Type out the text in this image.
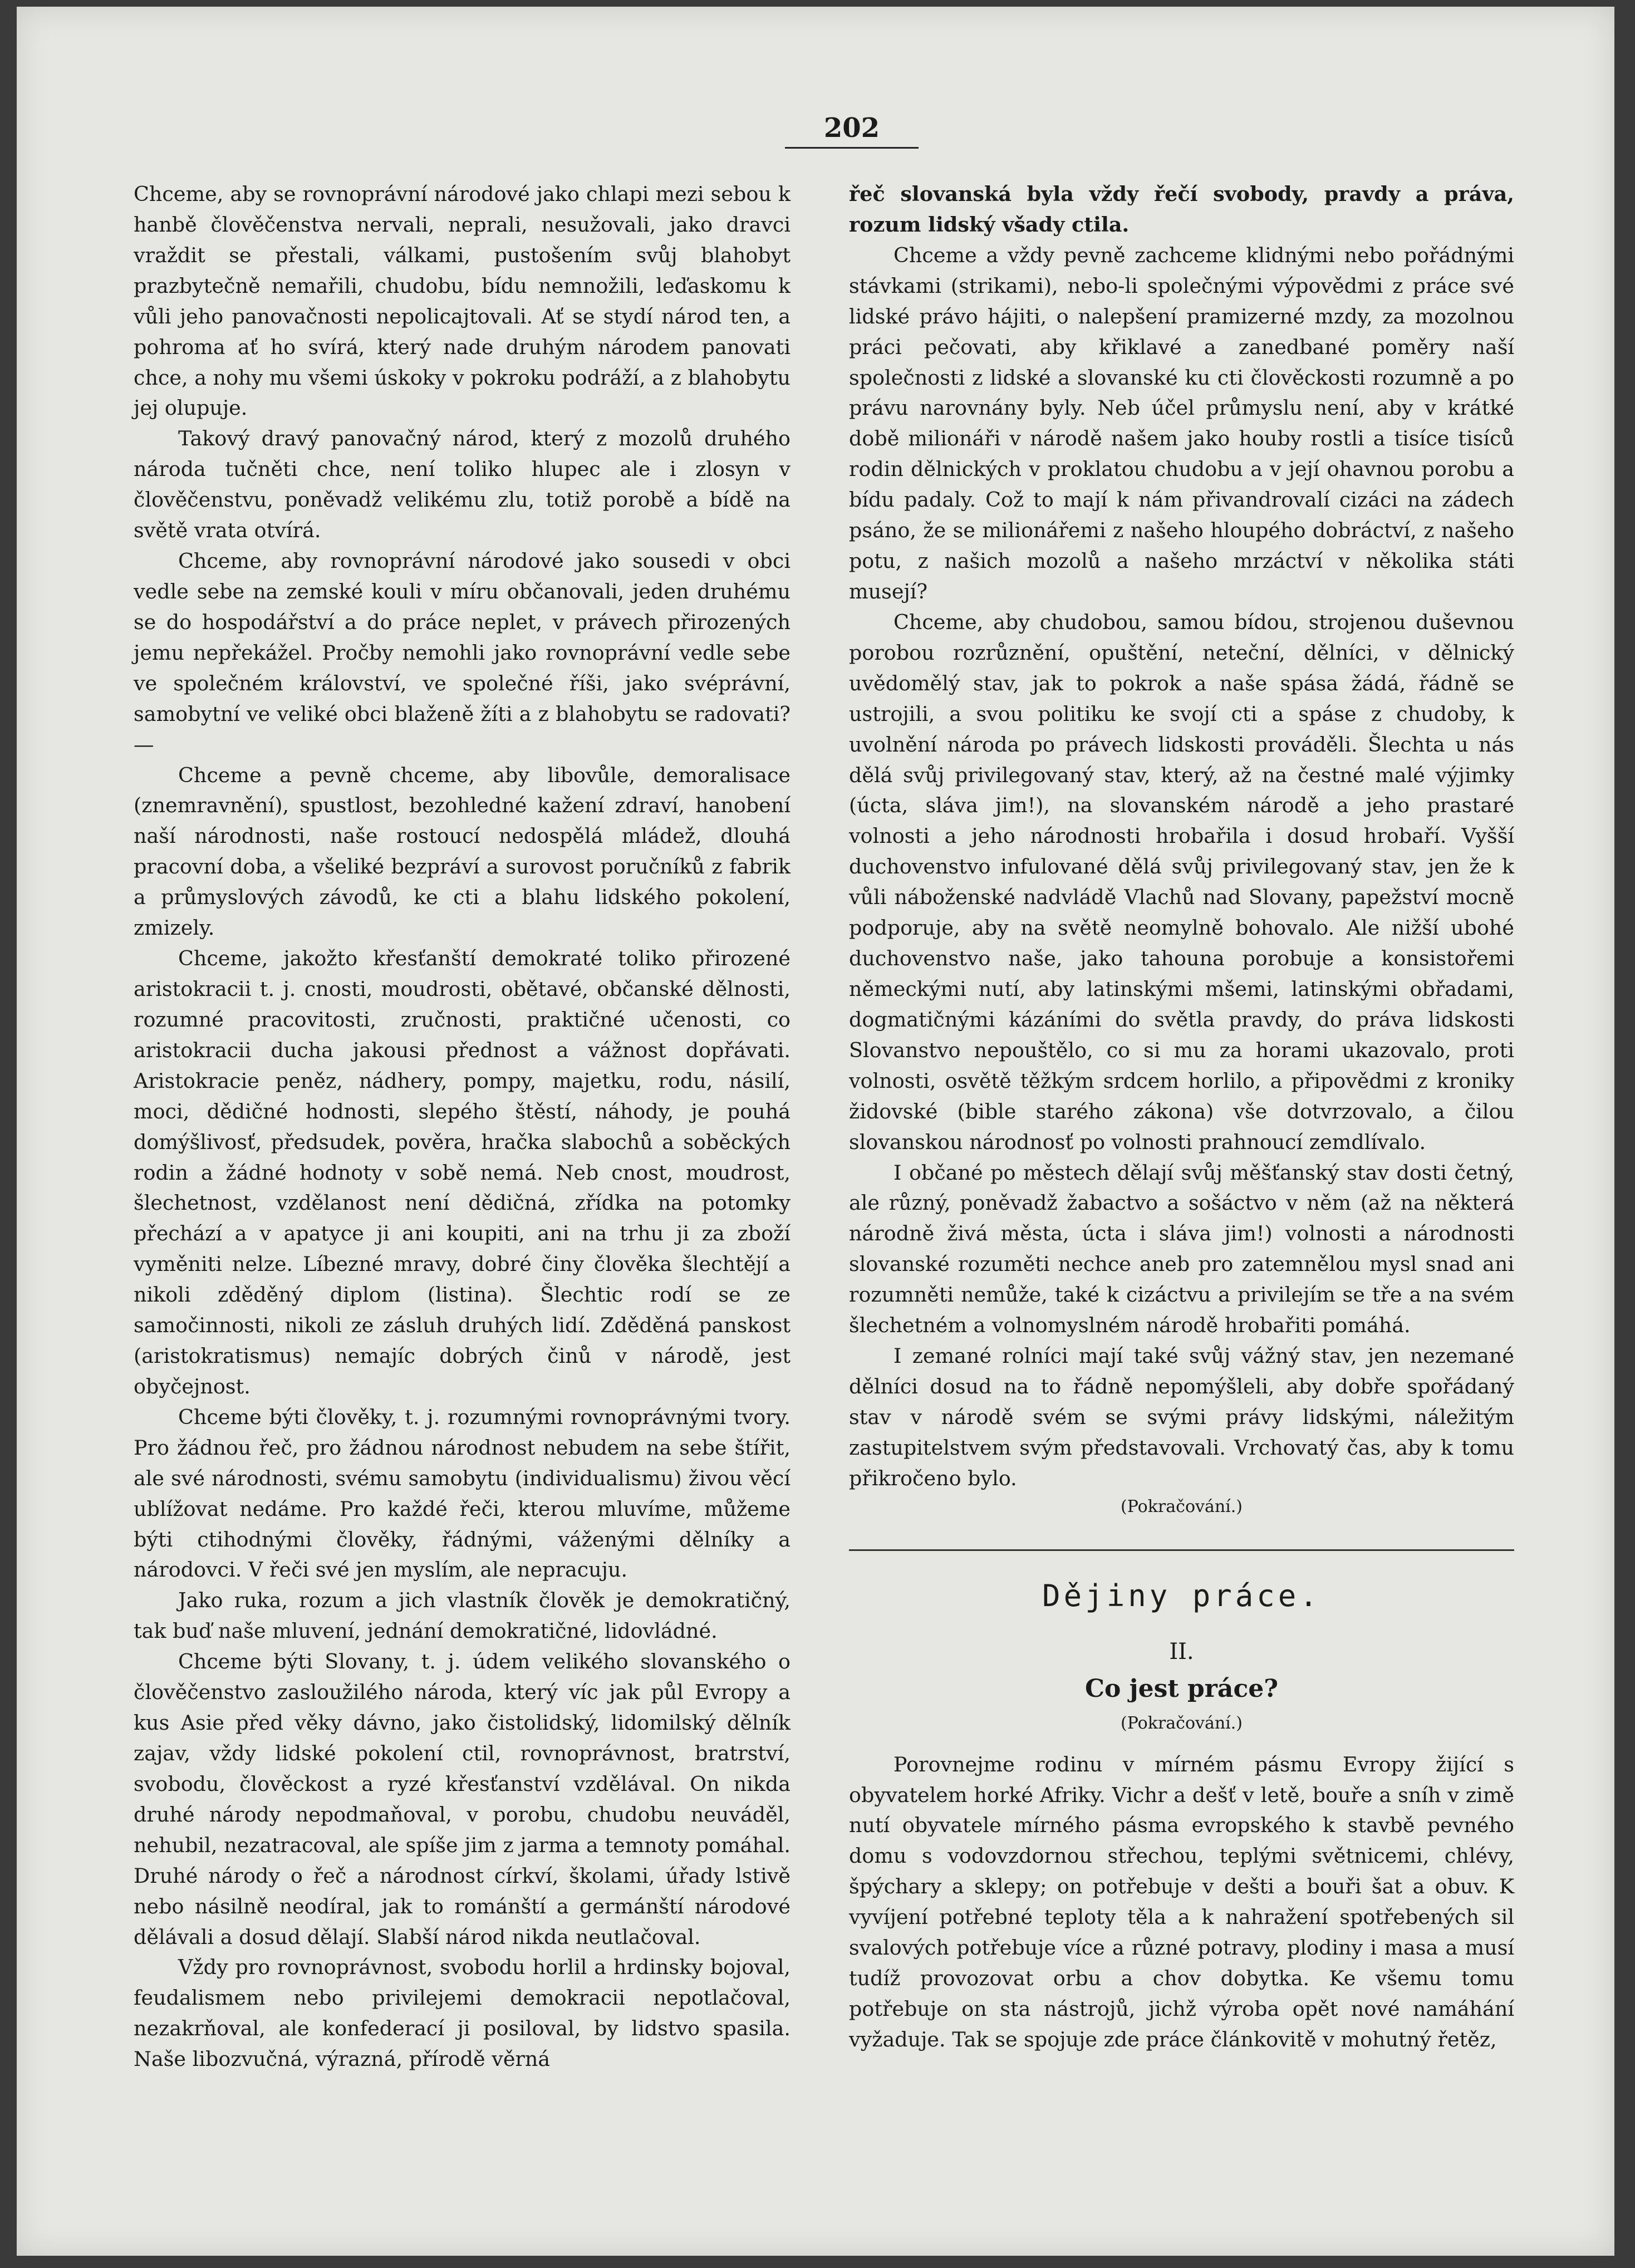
202

Chceme, aby se rovnoprávní národové jako chlapi mezi sebou k hanbě člověčenstva nervali, neprali, nesužovali, jako dravci vraždit se přestali, válkami, pustošením svůj blahobyt prazbytečně nemařili, chudobu, bídu nemnožili, leďaskomu k vůli jeho panovačnosti nepolicajtovali. Ať se stydí národ ten, a pohroma ať ho svírá, který nade druhým národem panovati chce, a nohy mu všemi úskoky v pokroku podráží, a z blahobytu jej olupuje.

Takový dravý panovačný národ, který z mozolů druhého národa tučněti chce, není toliko hlupec ale i zlosyn v člověčenstvu, poněvadž velikému zlu, totiž porobě a bídě na světě vrata otvírá.

Chceme, aby rovnoprávní národové jako sousedi v obci vedle sebe na zemské kouli v míru občanovali, jeden druhému se do hospodářství a do práce neplet, v právech přirozených jemu nepřekážel. Pročby nemohli jako rovnoprávní vedle sebe ve společném království, ve společné říši, jako svéprávní, samobytní ve veliké obci blaženě žíti a z blahobytu se radovati? —

Chceme a pevně chceme, aby libovůle, demoralisace (znemravnění), spustlost, bezohledné kažení zdraví, hanobení naší národnosti, naše rostoucí nedospělá mládež, dlouhá pracovní doba, a všeliké bezpráví a surovost poručníků z fabrik a průmyslových závodů, ke cti a blahu lidského pokolení, zmizely.

Chceme, jakožto křesťanští demokraté toliko přirozené aristokracii t. j. cnosti, moudrosti, obětavé, občanské dělnosti, rozumné pracovitosti, zručnosti, praktičné učenosti, co aristokracii ducha jakousi přednost a vážnost dopřávati. Aristokracie peněz, nádhery, pompy, majetku, rodu, násilí, moci, dědičné hodnosti, slepého štěstí, náhody, je pouhá domýšlivosť, předsudek, pověra, hračka slabochů a soběckých rodin a žádné hodnoty v sobě nemá. Neb cnost, moudrost, šlechetnost, vzdělanost není dědičná, zřídka na potomky přechází a v apatyce ji ani koupiti, ani na trhu ji za zboží vyměniti nelze. Líbezné mravy, dobré činy člověka šlechtějí a nikoli zděděný diplom (listina). Šlechtic rodí se ze samočinnosti, nikoli ze zásluh druhých lidí. Zděděná panskost (aristokratismus) nemajíc dobrých činů v národě, jest obyčejnost.

Chceme býti člověky, t. j. rozumnými rovnoprávnými tvory. Pro žádnou řeč, pro žádnou národnost nebudem na sebe štířit, ale své národnosti, svému samobytu (individualismu) živou věcí ublížovat nedáme. Pro každé řeči, kterou mluvíme, můžeme býti ctihodnými člověky, řádnými, váženými dělníky a národovci. V řeči své jen myslím, ale nepracuju.

Jako ruka, rozum a jich vlastník člověk je demokratičný, tak buď naše mluvení, jednání demokratičné, lidovládné.

Chceme býti Slovany, t. j. údem velikého slovanského o člověčenstvo zasloužilého národa, který víc jak půl Evropy a kus Asie před věky dávno, jako čistolidský, lidomilský dělník zajav, vždy lidské pokolení ctil, rovnoprávnost, bratrství, svobodu, člověckost a ryzé křesťanství vzdělával. On nikda druhé národy nepodmaňoval, v porobu, chudobu neuváděl, nehubil, nezatracoval, ale spíše jim z jarma a temnoty pomáhal. Druhé národy o řeč a národnost církví, školami, úřady lstivě nebo násilně neodíral, jak to románští a germánští národové dělávali a dosud dělají. Slabší národ nikda neutlačoval.

Vždy pro rovnoprávnost, svobodu horlil a hrdinsky bojoval, feudalismem nebo privilejemi demokracii nepotlačoval, nezakrňoval, ale konfederací ji posiloval, by lidstvo spasila. Naše libozvučná, výrazná, přírodě věrná

řeč slovanská byla vždy řečí svobody, pravdy a práva, rozum lidský všady ctila.

Chceme a vždy pevně zachceme klidnými nebo pořádnými stávkami (strikami), nebo-li společnými výpovědmi z práce své lidské právo hájiti, o nalepšení pramizerné mzdy, za mozolnou práci pečovati, aby křiklavé a zanedbané poměry naší společnosti z lidské a slovanské ku cti člověckosti rozumně a po právu narovnány byly. Neb účel průmyslu není, aby v krátké době milionáři v národě našem jako houby rostli a tisíce tisíců rodin dělnických v proklatou chudobu a v její ohavnou porobu a bídu padaly. Což to mají k nám přivandrovalí cizáci na zádech psáno, že se milionářemi z našeho hloupého dobráctví, z našeho potu, z našich mozolů a našeho mrzáctví v několika státi musejí?

Chceme, aby chudobou, samou bídou, strojenou duševnou porobou rozrůznění, opuštění, neteční, dělníci, v dělnický uvědomělý stav, jak to pokrok a naše spása žádá, řádně se ustrojili, a svou politiku ke svojí cti a spáse z chudoby, k uvolnění národa po právech lidskosti prováděli. Šlechta u nás dělá svůj privilegovaný stav, který, až na čestné malé výjimky (úcta, sláva jim!), na slovanském národě a jeho prastaré volnosti a jeho národnosti hrobařila i dosud hrobaří. Vyšší duchovenstvo infulované dělá svůj privilegovaný stav, jen že k vůli náboženské nadvládě Vlachů nad Slovany, papežství mocně podporuje, aby na světě neomylně bohovalo. Ale nižší ubohé duchovenstvo naše, jako tahouna porobuje a konsistořemi německými nutí, aby latinskými mšemi, latinskými obřadami, dogmatičnými kázáními do světla pravdy, do práva lidskosti Slovanstvo nepouštělo, co si mu za horami ukazovalo, proti volnosti, osvětě těžkým srdcem horlilo, a připovědmi z kroniky židovské (bible starého zákona) vše dotvrzovalo, a čilou slovanskou národnosť po volnosti prahnoucí zemdlívalo.

I občané po městech dělají svůj měšťanský stav dosti četný, ale různý, poněvadž žabactvo a sošáctvo v něm (až na některá národně živá města, úcta i sláva jim!) volnosti a národnosti slovanské rozuměti nechce aneb pro zatemnělou mysl snad ani rozumněti nemůže, také k cizáctvu a privilejím se tře a na svém šlechetném a volnomyslném národě hrobařiti pomáhá.

I zemané rolníci mají také svůj vážný stav, jen nezemané dělníci dosud na to řádně nepomýšleli, aby dobře spořádaný stav v národě svém se svými právy lidskými, náležitým zastupitelstvem svým představovali. Vrchovatý čas, aby k tomu přikročeno bylo.

(Pokračování.)

Dějiny práce.
II.
Co jest práce?
(Pokračování.)

Porovnejme rodinu v mírném pásmu Evropy žijící s obyvatelem horké Afriky. Vichr a dešť v letě, bouře a sníh v zimě nutí obyvatele mírného pásma evropského k stavbě pevného domu s vodovzdornou střechou, teplými světnicemi, chlévy, špýchary a sklepy; on potřebuje v dešti a bouři šat a obuv. K vyvíjení potřebné teploty těla a k nahražení spotřebených sil svalových potřebuje více a různé potravy, plodiny i masa a musí tudíž provozovat orbu a chov dobytka. Ke všemu tomu potřebuje on sta nástrojů, jichž výroba opět nové namáhání vyžaduje. Tak se spojuje zde práce článkovitě v mohutný řetěz,
